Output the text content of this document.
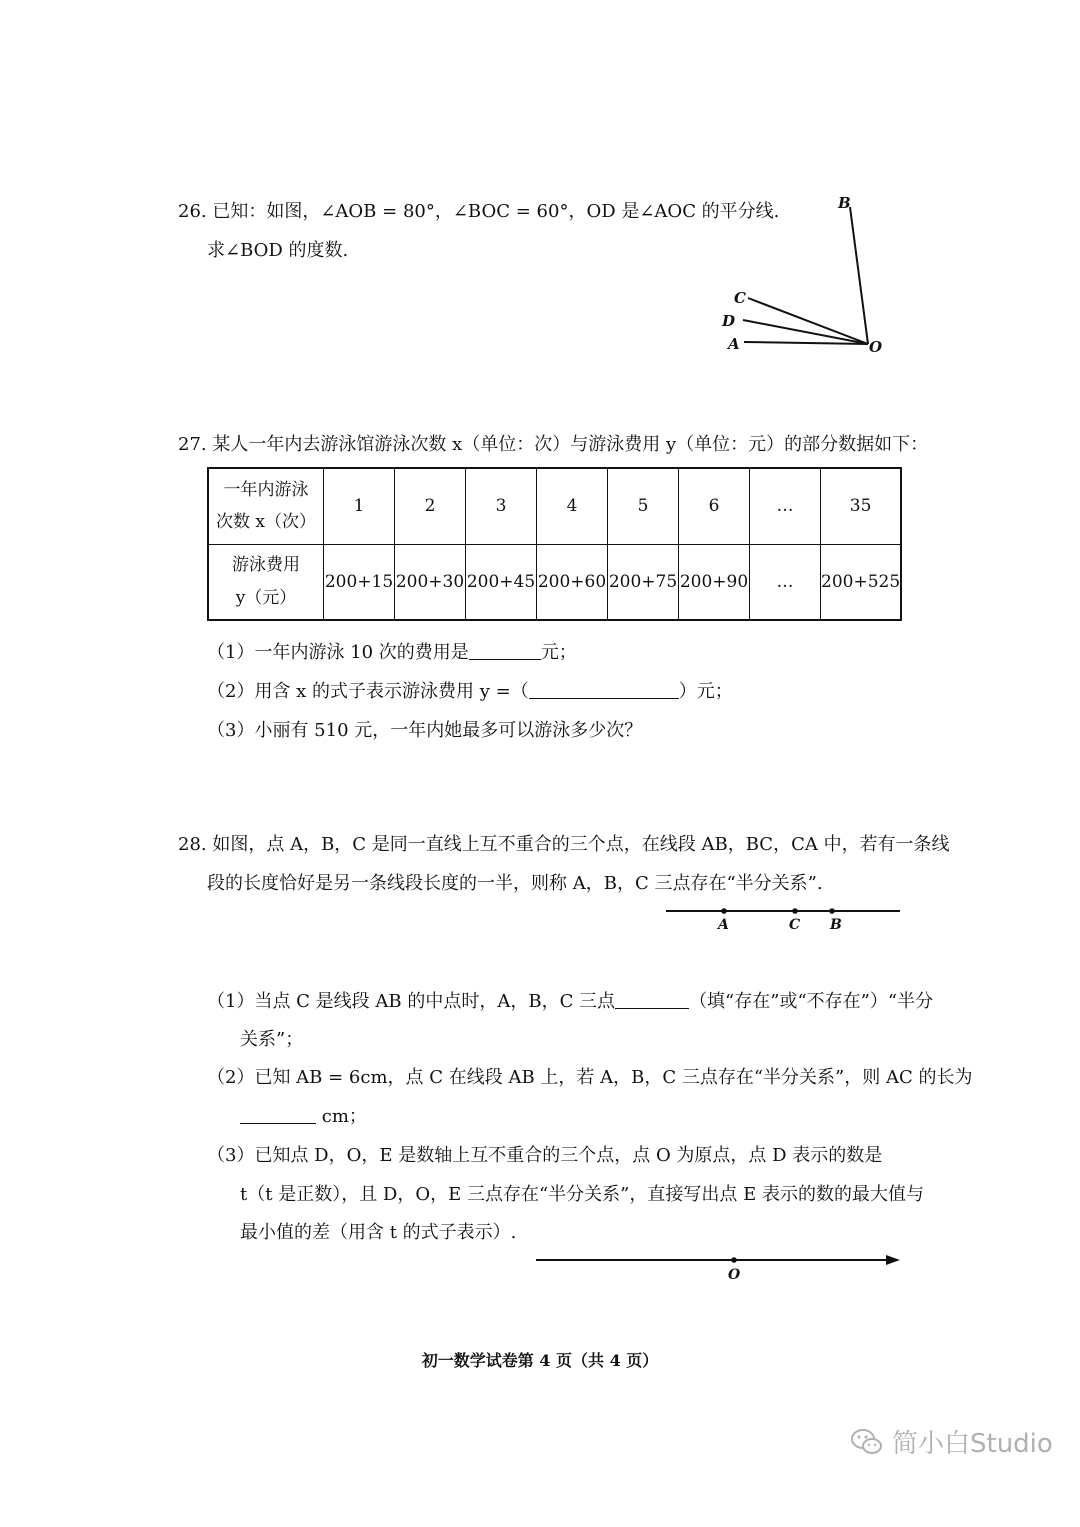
26. 已知：如图，∠AOB = 80°，∠BOC = 60°，OD 是∠AOC 的平分线.
求∠BOD 的度数.
B
C
D
A	O
27. 某人一年内去游泳馆游泳次数 x（单位：次）与游泳费用 y（单位：元）的部分数据如下：
一年内游泳
次数 x（次）	1	2	3	4	5	6	…	35

游泳费用
y（元）	200+15	200+30	200+45	200+60	200+75	200+90	…	200+525
（1）一年内游泳 10 次的费用是	元；
（2）用含 x 的式子表示游泳费用 y =（	）元；
（3）小丽有 510 元，一年内她最多可以游泳多少次？
28. 如图，点 A，B，C 是同一直线上互不重合的三个点，在线段 AB，BC，CA 中，若有一条线
段的长度恰好是另一条线段长度的一半，则称 A，B，C 三点存在“半分关系”.
A	C B
（1）当点 C 是线段 AB 的中点时，A，B，C 三点	（填“存在”或“不存在”）“半分
关系”；
（2）已知 AB = 6cm，点 C 在线段 AB 上，若 A，B，C 三点存在“半分关系”，则 AC 的长为
cm；
（3）已知点 D，O，E 是数轴上互不重合的三个点，点 O 为原点，点 D 表示的数是
t（t 是正数），且 D，O，E 三点存在“半分关系”，直接写出点 E 表示的数的最大值与
最小值的差（用含 t 的式子表示）.
O
初一数学试卷第 4 页（共 4 页）
简小白Studio
